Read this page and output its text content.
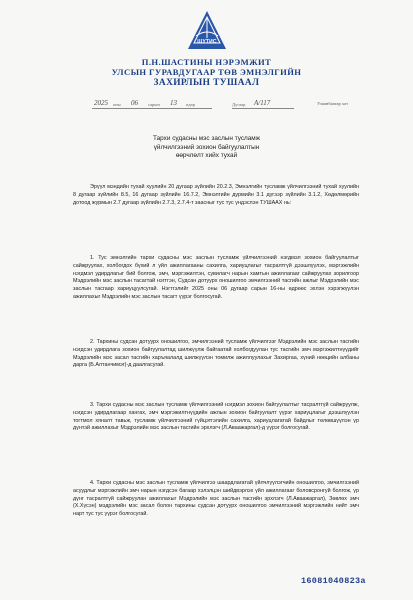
ШУТИС
П.Н.ШАСТИНЫ НЭРЭМЖИТ
УЛСЫН ГУРАВДУГААР ТӨВ ЭМНЭЛГИЙН
ЗАХИРЛЫН ТУШААЛ
2025 оны 06 сарын 13 өдөр	Дугаар А/117	Улаанбаатар хот
Тархи судасны мэс заслын тусламж
үйлчилгээний зохион байгуулалтын
өөрчлөлт хийх тухай

Эрүүл мэндийн тухай хуулийн 20 дугаар зүйлийн 20.2.3, Эмнэлгийн тусламж үйлчилгээний тухай хуулийн 8 дугаар зүйлийн 8.5, 16 дугаар зүйлийн 16.7.2, Эмнэлгийн дүрмийн 3.1 дүгээр зүйлийн 3.1.2, Хөдөлмөрийн дотоод журмын 2.7 дугаар зүйлийн 2.7.3, 2.7.4-т заасныг тус тус үндэслэн ТУШААХ нь:

1. Тус эмнэлгийн тархи судасны мэс заслын тусламж үйлчилгээний нэгдмэл зохион байгуулалтыг сайжруулах, холбогдох бүхий л үйл ажиллагааны сахилга, хариуцлагыг тасралтгүй дээшлүүлэх, мэргэжлийн нэгдмэл удирдлагыг бий болгож, эмч, мэргэжилтэн, сувилагч нарын хамтын ажиллагааг сайжруулах зорилгоор Мэдрэлийн мэс заслын тасагтай нэгтгэн, Судсан дотуурх оношилгоо эмчилгээний тасгийн ажлыг Мэдрэлийн мэс заслын тасгаар хариуцуулсугай. Нэгтгэлийг 2025 оны 06 дугаар сарын 16-ны өдрөөс эхлэн хэрэгжүүлэн ажиллахыг Мэдрэлийн мэс заслын тасагт үүрэг болгосугай.

2. Тархины судсан дотуурх оношилгоо, эмчилгээний тусламж үйлчилгээг Мэдрэлийн мэс заслын тасгийн нэгдсэн удирдлага зохион байгуулалтад шилжүүлж байгаатай холбогдуулан тус тасгийн эмч мэргэжилтнүүдийг Мэдрэлийн мэс засал тасгийн харъяалалд шилжүүлэн томилж ажиллуулахыг Захиргаа, хүний нөөцийн албаны дарга (Б.Алтанчимэг)-д даалгасугай.

3. Тархи судасны мэс заслын тусламж үйлчилгээний нэгдмэл зохион байгуулалтыг тасралтгүй сайжруулж, нэгдсэн удирдлагаар хангах, эмч мэргэжилтнүүдийн ажлын зохион байгуулалт үүрэг хариуцлагыг дээшлүүлэн тогтмол хяналт тавьж, тусламж үйлчилгээний гүйцэтгэлийн сахилга, хариуцлагатай байдлыг төлөвшүүлэн үр дүнтэй ажиллахыг Мэдрэлийн мэс заслын тасгийн эрхлэгч (Л.Аваажаргал)-д үүрэг болгосугай.

4. Тархи судасны мэс заслын тусламж үйлчилгээ шаардлагатай үйлчлүүлэгчийн оношилгоо, эмчилгээний асуудлыг мэргэжлийн эмч нарын нэгдсэн багаар хэлэлцэн шийдвэрлэх үйл ажиллагааг боловсронгуй болгож, үр дүнг тасралтгүй сайжруулан ажиллахыг Мэдрэлийн мэс заслын тасгийн эрхлэгч (Л.Аваажаргал), Зөвлөх эмч (Х.Хүсэн) мэдрэлийн мэс засал болон тархины судсан дотуурх оношилгоо эмчилгээний мэргэжлийн нийт эмч нарт тус тус үүрэг болгосугай.

16081040823а
